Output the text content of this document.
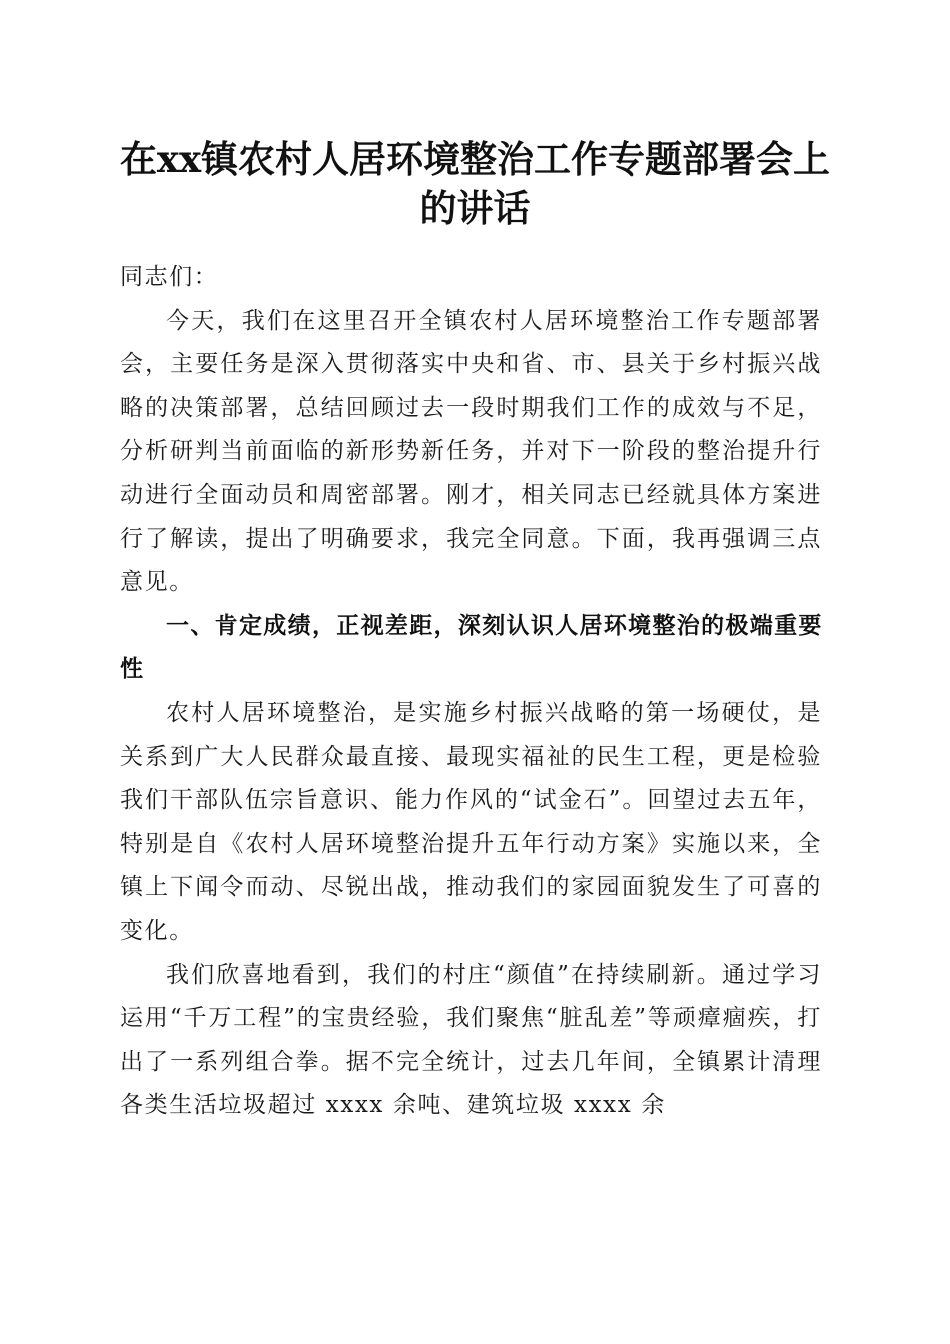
在xx镇农村人居环境整治工作专题部署会上
的讲话

同志们：

今天，我们在这里召开全镇农村人居环境整治工作专题部署会，主要任务是深入贯彻落实中央和省、市、县关于乡村振兴战略的决策部署，总结回顾过去一段时期我们工作的成效与不足，分析研判当前面临的新形势新任务，并对下一阶段的整治提升行动进行全面动员和周密部署。刚才，相关同志已经就具体方案进行了解读，提出了明确要求，我完全同意。下面，我再强调三点意见。

一、肯定成绩，正视差距，深刻认识人居环境整治的极端重要性

农村人居环境整治，是实施乡村振兴战略的第一场硬仗，是关系到广大人民群众最直接、最现实福祉的民生工程，更是检验我们干部队伍宗旨意识、能力作风的“试金石”。回望过去五年，特别是自《农村人居环境整治提升五年行动方案》实施以来，全镇上下闻令而动、尽锐出战，推动我们的家园面貌发生了可喜的变化。

我们欣喜地看到，我们的村庄“颜值”在持续刷新。通过学习运用“千万工程”的宝贵经验，我们聚焦“脏乱差”等顽瘴痼疾，打出了一系列组合拳。据不完全统计，过去几年间，全镇累计清理各类生活垃圾超过 xxxx 余吨、建筑垃圾 xxxx 余
